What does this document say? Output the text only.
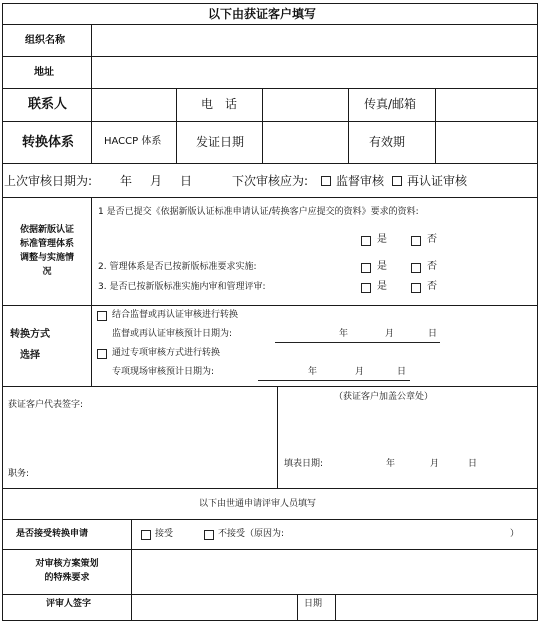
以下由获证客户填写
组织名称
地址
联系人	电　话	传真/邮箱
转换体系	HACCP 体系	发证日期	有效期
上次审核日期为: 年 月 日	下次审核应为: 监督审核 再认证审核
依据新版认证
标准管理体系
调整与实施情
况
1 是否已提交《依据新版认证标准申请认证/转换客户应提交的资料》要求的资料:
是	否
2. 管理体系是否已按新版标准要求实施:	是	否
3. 是否已按新版标准实施内审和管理评审:	是	否
转换方式
选择
结合监督或再认证审核进行转换
监督或再认证审核预计日期为:	年	月	日
通过专项审核方式进行转换
专项现场审核预计日期为:	年	月	日
获证客户代表签字:
职务:
（获证客户加盖公章处）
填表日期:	年	月	日
以下由世通申请评审人员填写
是否接受转换申请	接受	不接受（原因为:	）
对审核方案策划
的特殊要求
评审人签字	日期
